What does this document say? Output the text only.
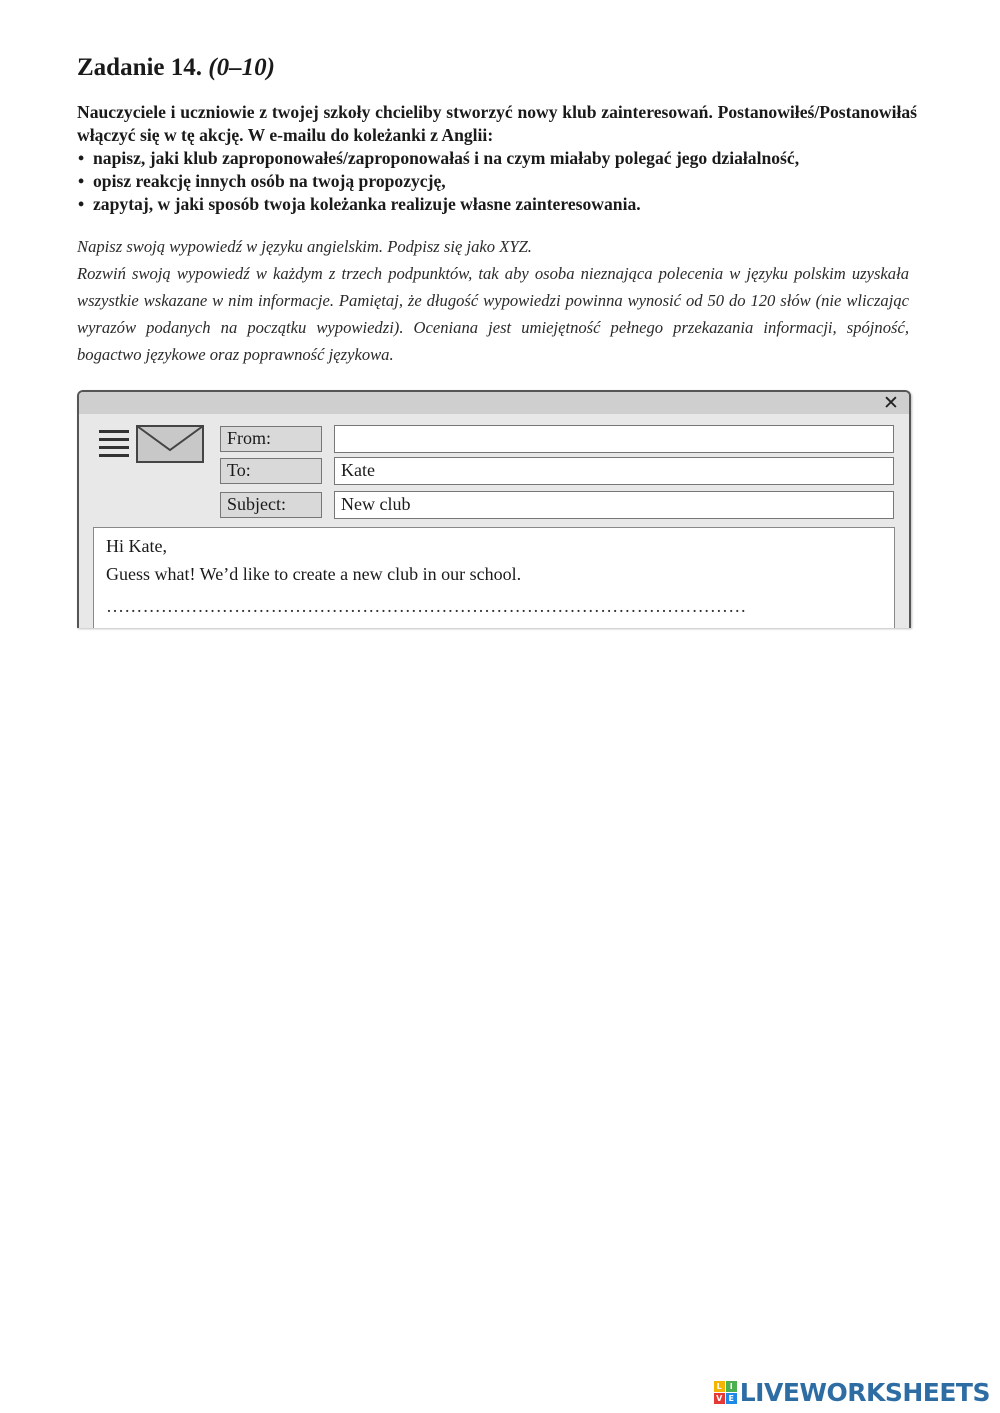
Zadanie 14. (0–10)

Nauczyciele i uczniowie z twojej szkoły chcieliby stworzyć nowy klub zainteresowań. Postanowiłeś/Postanowiłaś włączyć się w tę akcję. W e-mailu do koleżanki z Anglii:

• napisz, jaki klub zaproponowałeś/zaproponowałaś i na czym miałaby polegać jego działalność,
• opisz reakcję innych osób na twoją propozycję,
• zapytaj, w jaki sposób twoja koleżanka realizuje własne zainteresowania.

Napisz swoją wypowiedź w języku angielskim. Podpisz się jako XYZ.

Rozwiń swoją wypowiedź w każdym z trzech podpunktów, tak aby osoba nieznająca polecenia w języku polskim uzyskała wszystkie wskazane w nim informacje. Pamiętaj, że długość wypowiedzi powinna wynosić od 50 do 120 słów (nie wliczając wyrazów podanych na początku wypowiedzi). Oceniana jest umiejętność pełnego przekazania informacji, spójność, bogactwo językowe oraz poprawność językowa.

✕
From:
To:	Kate
Subject:	New club
Hi Kate,
Guess what! We’d like to create a new club in our school.
……………………………………………………………………………………………
L I
V E LIVEWORKSHEETS
